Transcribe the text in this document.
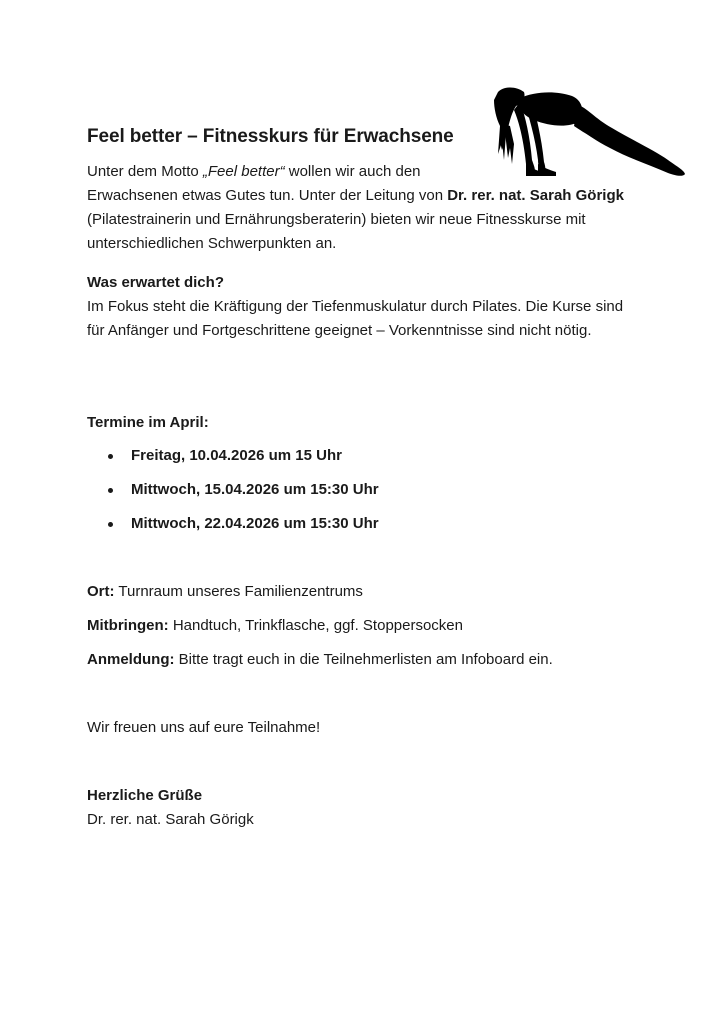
Feel better – Fitnesskurs für Erwachsene

Unter dem Motto „Feel better“ wollen wir auch den
Erwachsenen etwas Gutes tun. Unter der Leitung von Dr. rer. nat. Sarah Görigk (Pilatestrainerin und Ernährungsberaterin) bieten wir neue Fitnesskurse mit unterschiedlichen Schwerpunkten an.

Was erwartet dich?
Im Fokus steht die Kräftigung der Tiefenmuskulatur durch Pilates. Die Kurse sind für Anfänger und Fortgeschrittene geeignet – Vorkenntnisse sind nicht nötig.

Termine im April:

Freitag, 10.04.2026 um 15 Uhr
Mittwoch, 15.04.2026 um 15:30 Uhr
Mittwoch, 22.04.2026 um 15:30 Uhr

Ort: Turnraum unseres Familienzentrums

Mitbringen: Handtuch, Trinkflasche, ggf. Stoppersocken

Anmeldung: Bitte tragt euch in die Teilnehmerlisten am Infoboard ein.

Wir freuen uns auf eure Teilnahme!

Herzliche Grüße
Dr. rer. nat. Sarah Görigk
